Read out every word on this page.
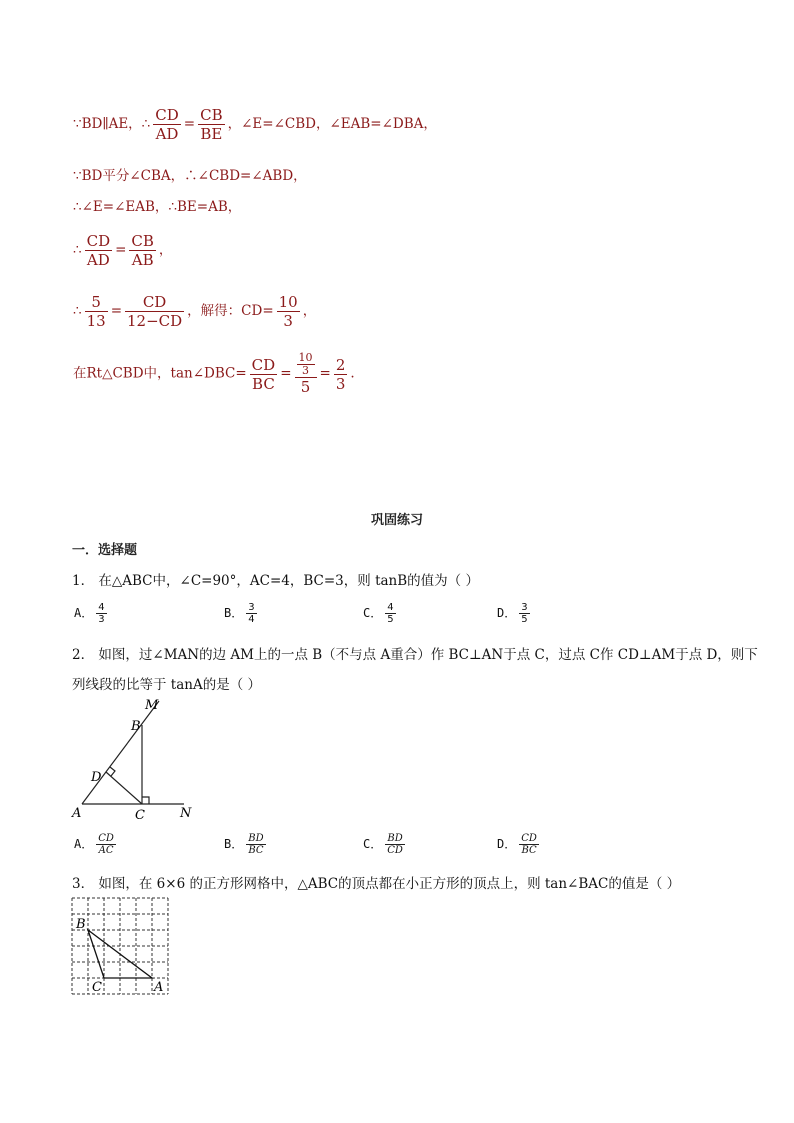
∵BD∥AE，∴ $\frac{CD}{AD} = \frac{CB}{BE}$ ，∠E=∠CBD，∠EAB=∠DBA，
∵BD平分∠CBA，∴∠CBD=∠ABD，
∴∠E=∠EAB，∴BE=AB，
∴ $\frac{CD}{AD} = \frac{CB}{AB}$ ，
∴ $\frac{5}{13} = \frac{CD}{12-CD}$ ，解得：$CD= \frac{10}{3}$ ，
在Rt△CBD中，tan∠DBC= $\frac{CD}{BC} = \frac{\frac{10}{3}}{5} = \frac{2}{3}$ .
巩固练习
一．选择题
1． 在△ABC中，∠C=90°，AC=4，BC=3，则 tanB的值为（ ）
A． $\frac{4}{3}$	B． $\frac{3}{4}$	C． $\frac{4}{5}$	D． $\frac{3}{5}$
2． 如图，过∠MAN的边 AM上的一点 B（不与点 A重合）作 BC⊥AN于点 C，过点 C作 CD⊥AM于点 D，则下
列线段的比等于 tanA的是（ ）
M
B
D
A	C	N
A． $\frac{CD}{AC}$	B． $\frac{BD}{BC}$	C． $\frac{BD}{CD}$	D． $\frac{CD}{BC}$
3． 如图，在 6×6 的正方形网格中，△ABC的顶点都在小正方形的顶点上，则 tan∠BAC的值是（ ）
B
C	A
